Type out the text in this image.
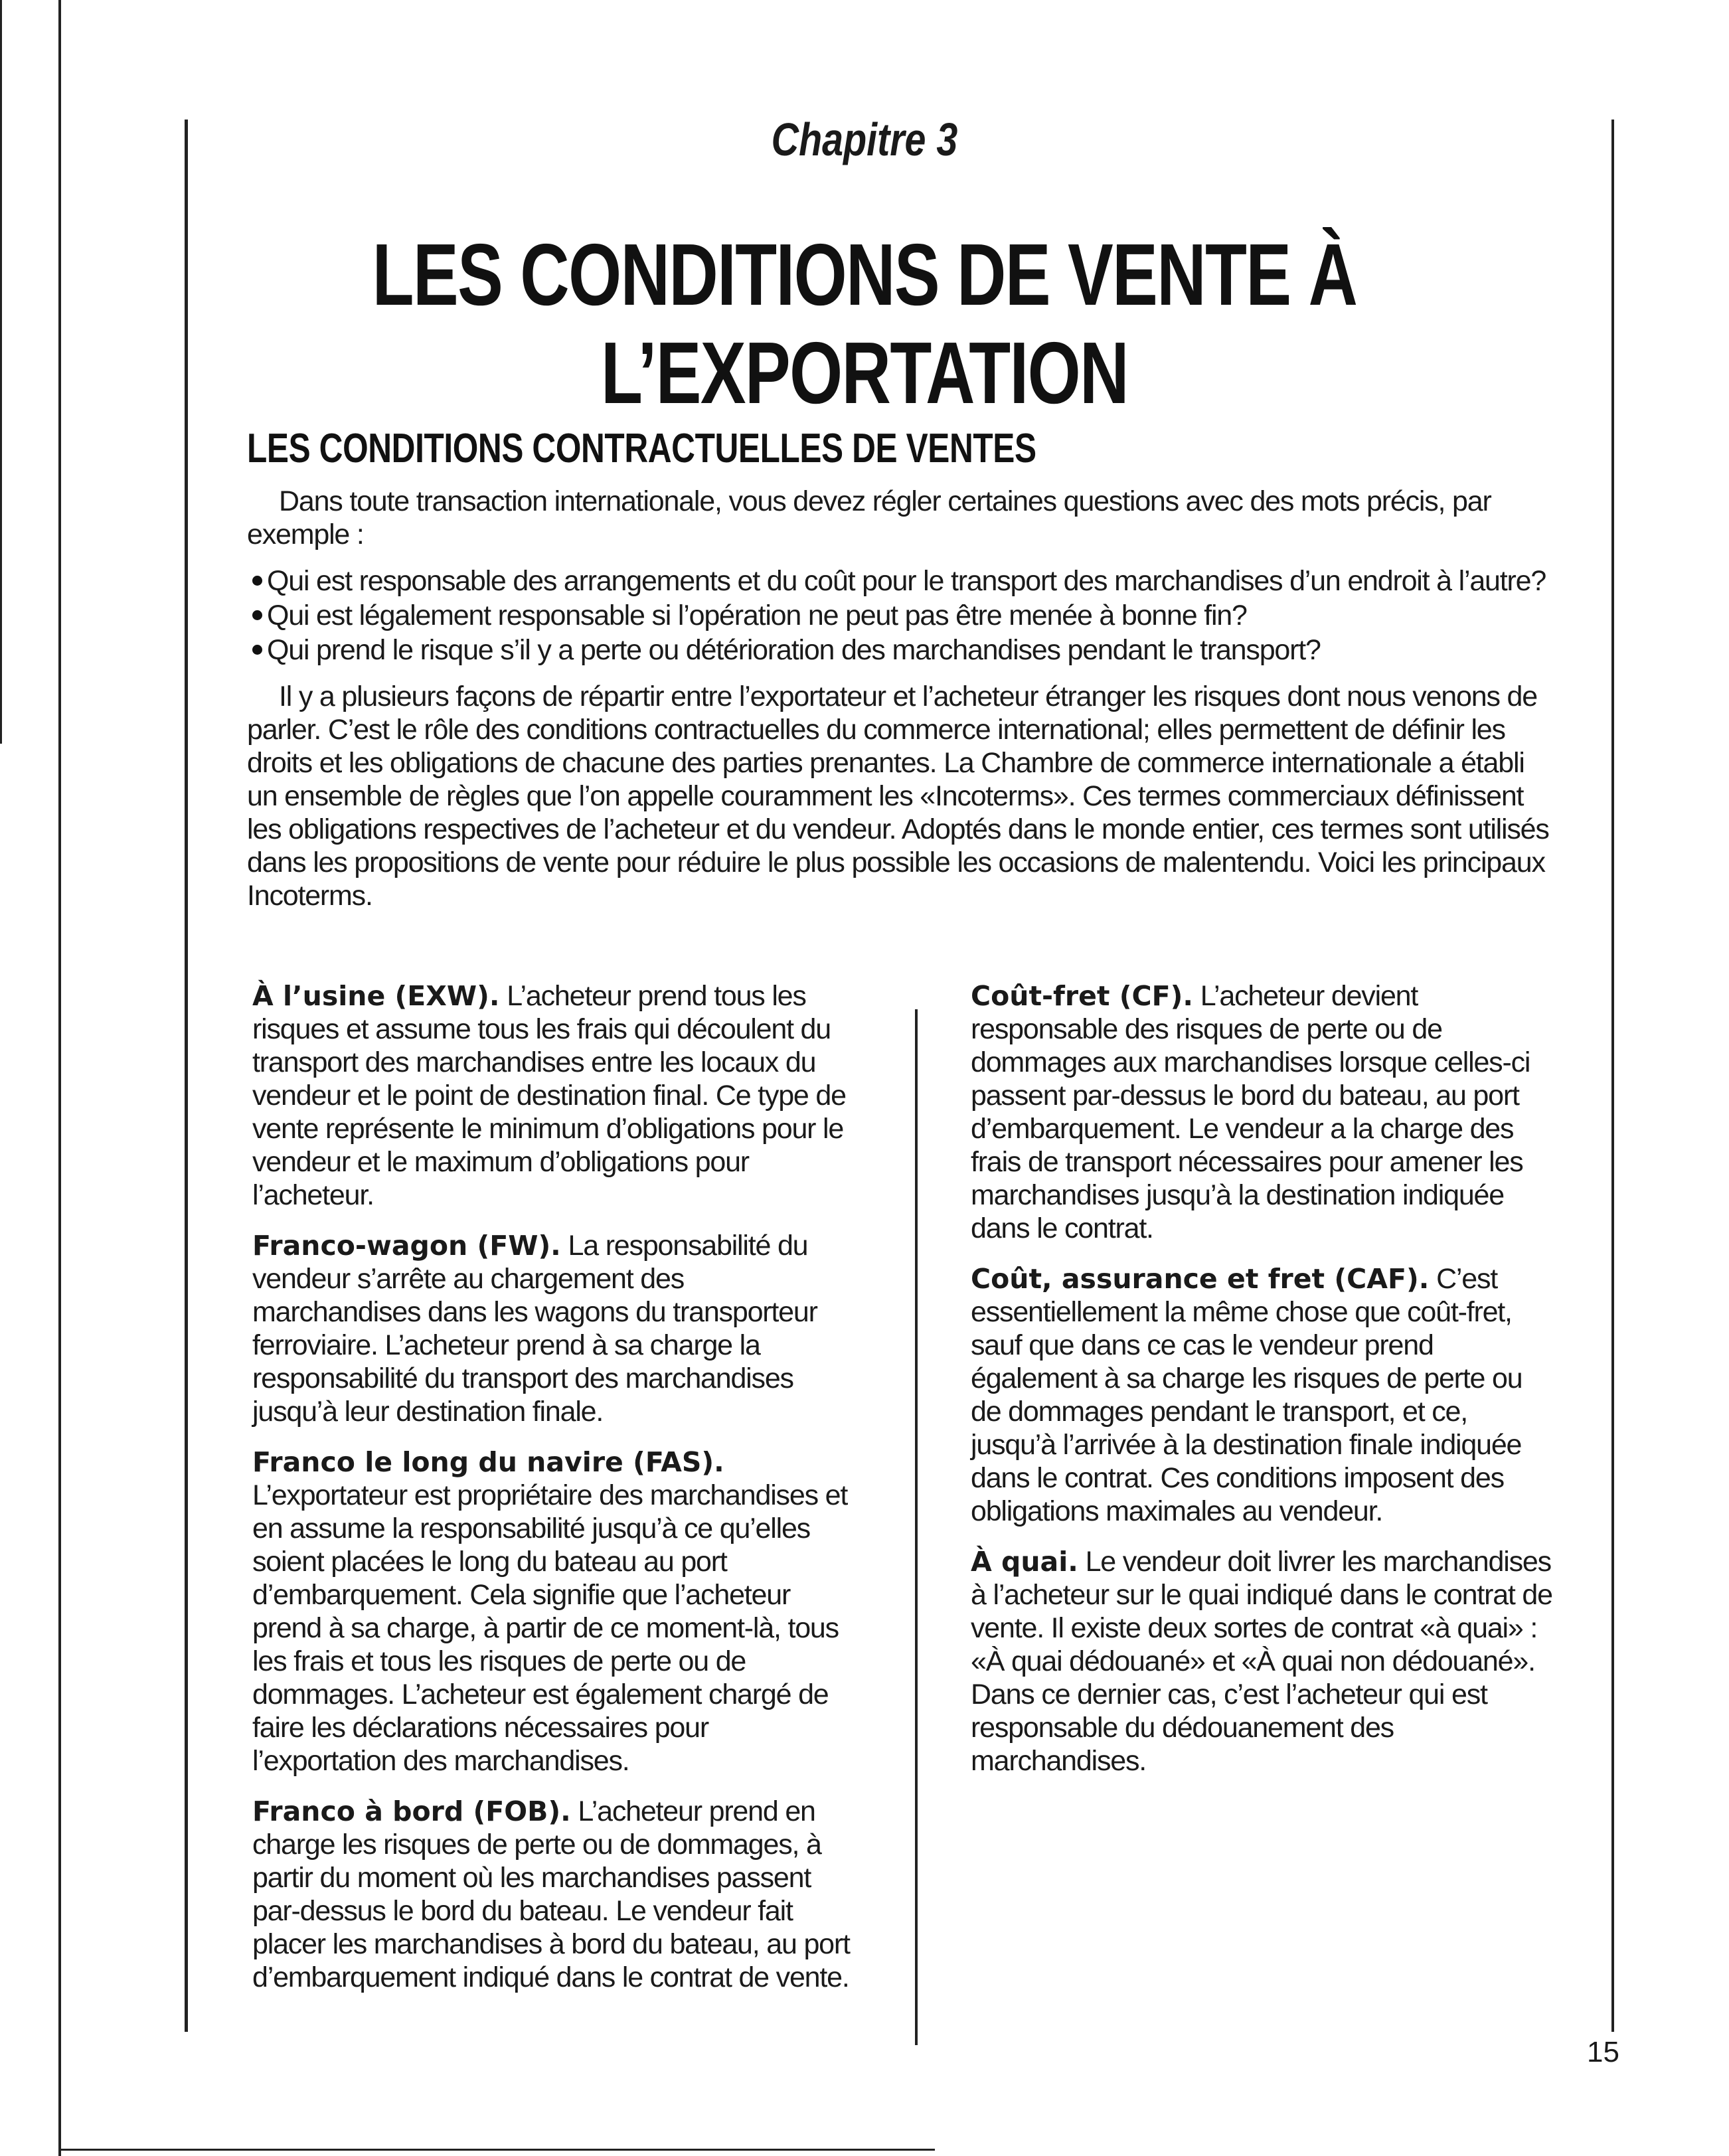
Chapitre 3
LES CONDITIONS DE VENTE À
L’EXPORTATION
LES CONDITIONS CONTRACTUELLES DE VENTES

Dans toute transaction internationale, vous devez régler certaines questions avec des mots précis, par exemple :

Qui est responsable des arrangements et du coût pour le transport des marchandises d’un endroit à l’autre?
Qui est légalement responsable si l’opération ne peut pas être menée à bonne fin?
Qui prend le risque s’il y a perte ou détérioration des marchandises pendant le transport?

Il y a plusieurs façons de répartir entre l’exportateur et l’acheteur étranger les risques dont nous venons de parler. C’est le rôle des conditions contractuelles du commerce international; elles permettent de définir les droits et les obligations de chacune des parties prenantes. La Chambre de commerce internationale a établi un ensemble de règles que l’on appelle couramment les «Incoterms». Ces termes commerciaux définissent les obligations respectives de l’acheteur et du vendeur. Adoptés dans le monde entier, ces termes sont utilisés dans les propositions de vente pour réduire le plus possible les occasions de malentendu. Voici les principaux Incoterms.

À l’usine (EXW). L’acheteur prend tous les risques et assume tous les frais qui découlent du transport des marchandises entre les locaux du vendeur et le point de destination final. Ce type de vente représente le minimum d’obligations pour le vendeur et le maximum d’obligations pour l’acheteur.

Franco-wagon (FW). La responsabilité du vendeur s’arrête au chargement des marchandises dans les wagons du transporteur ferroviaire. L’acheteur prend à sa charge la responsabilité du transport des marchandises jusqu’à leur destination finale.

Franco le long du navire (FAS). L’exportateur est propriétaire des marchandises et en assume la responsabilité jusqu’à ce qu’elles soient placées le long du bateau au port d’embarquement. Cela signifie que l’acheteur prend à sa charge, à partir de ce moment-là, tous les frais et tous les risques de perte ou de dommages. L’acheteur est également chargé de faire les déclarations nécessaires pour l’exportation des marchandises.

Franco à bord (FOB). L’acheteur prend en charge les risques de perte ou de dommages, à partir du moment où les marchandises passent par-dessus le bord du bateau. Le vendeur fait placer les marchandises à bord du bateau, au port d’embarquement indiqué dans le contrat de vente.

Coût-fret (CF). L’acheteur devient responsable des risques de perte ou de dommages aux marchandises lorsque celles-ci passent par-dessus le bord du bateau, au port d’embarquement. Le vendeur a la charge des frais de transport nécessaires pour amener les marchandises jusqu’à la destination indiquée dans le contrat.

Coût, assurance et fret (CAF). C’est essentiellement la même chose que coût-fret, sauf que dans ce cas le vendeur prend également à sa charge les risques de perte ou de dommages pendant le transport, et ce, jusqu’à l’arrivée à la destination finale indiquée dans le contrat. Ces conditions imposent des obligations maximales au vendeur.

À quai. Le vendeur doit livrer les marchandises à l’acheteur sur le quai indiqué dans le contrat de vente. Il existe deux sortes de contrat «à quai» : «À quai dédouané» et «À quai non dédouané». Dans ce dernier cas, c’est l’acheteur qui est responsable du dédouanement des marchandises.

15
